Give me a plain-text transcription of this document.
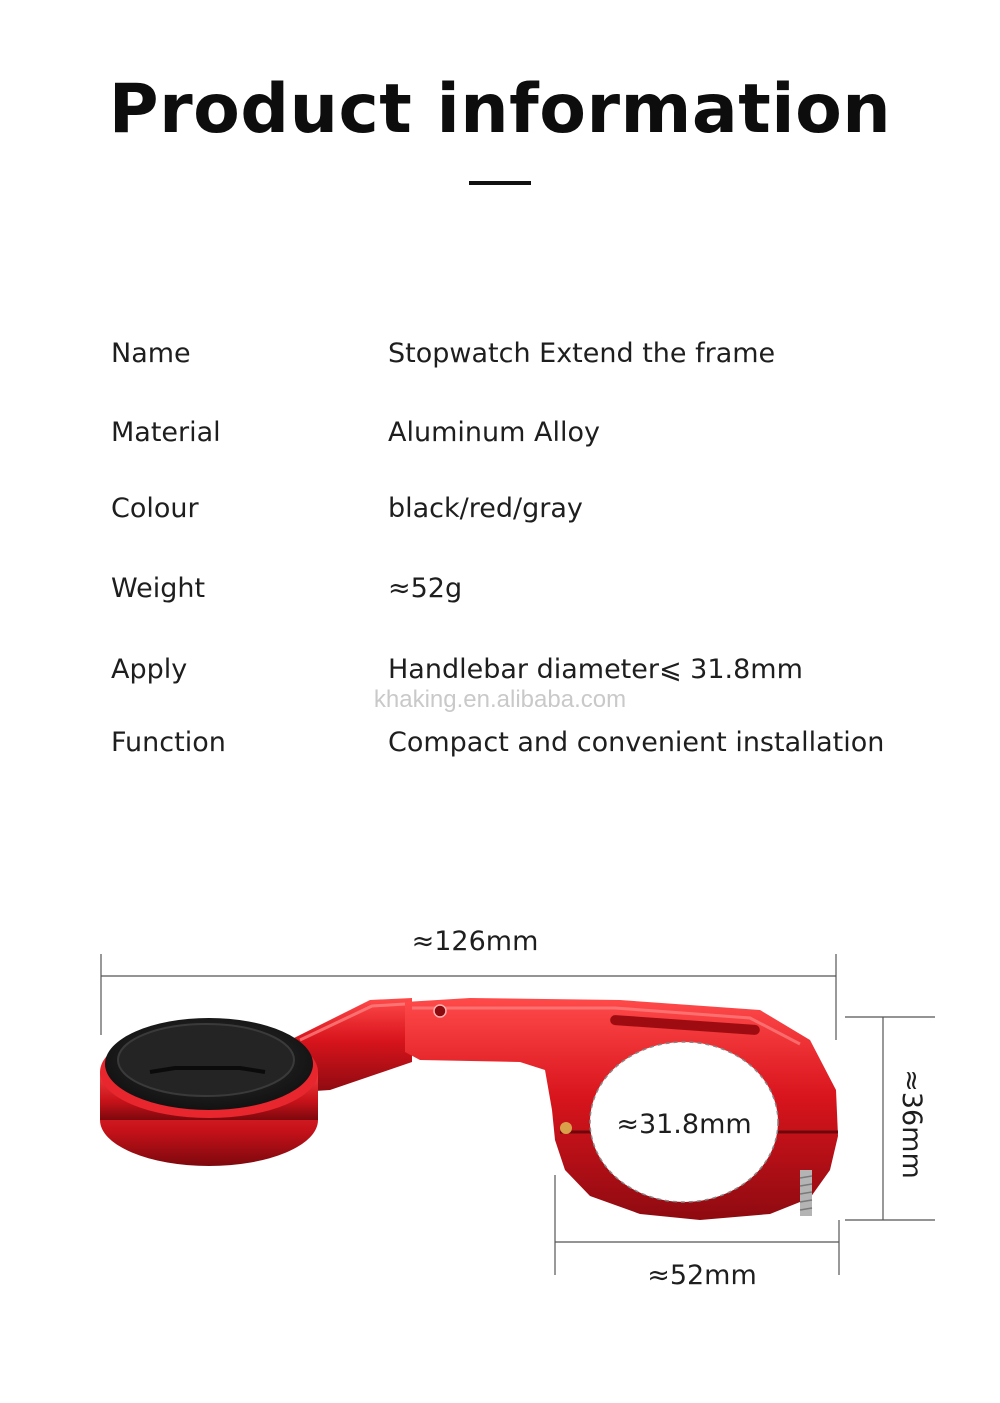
Product information
Name	Stopwatch Extend the frame
Material	Aluminum Alloy
Colour	black/red/gray
Weight	≈52g
Apply	Handlebar diameter⩽ 31.8mm
Function	Compact and convenient installation
khaking.en.alibaba.com
≈126mm
≈36mm
≈52mm
≈31.8mm
